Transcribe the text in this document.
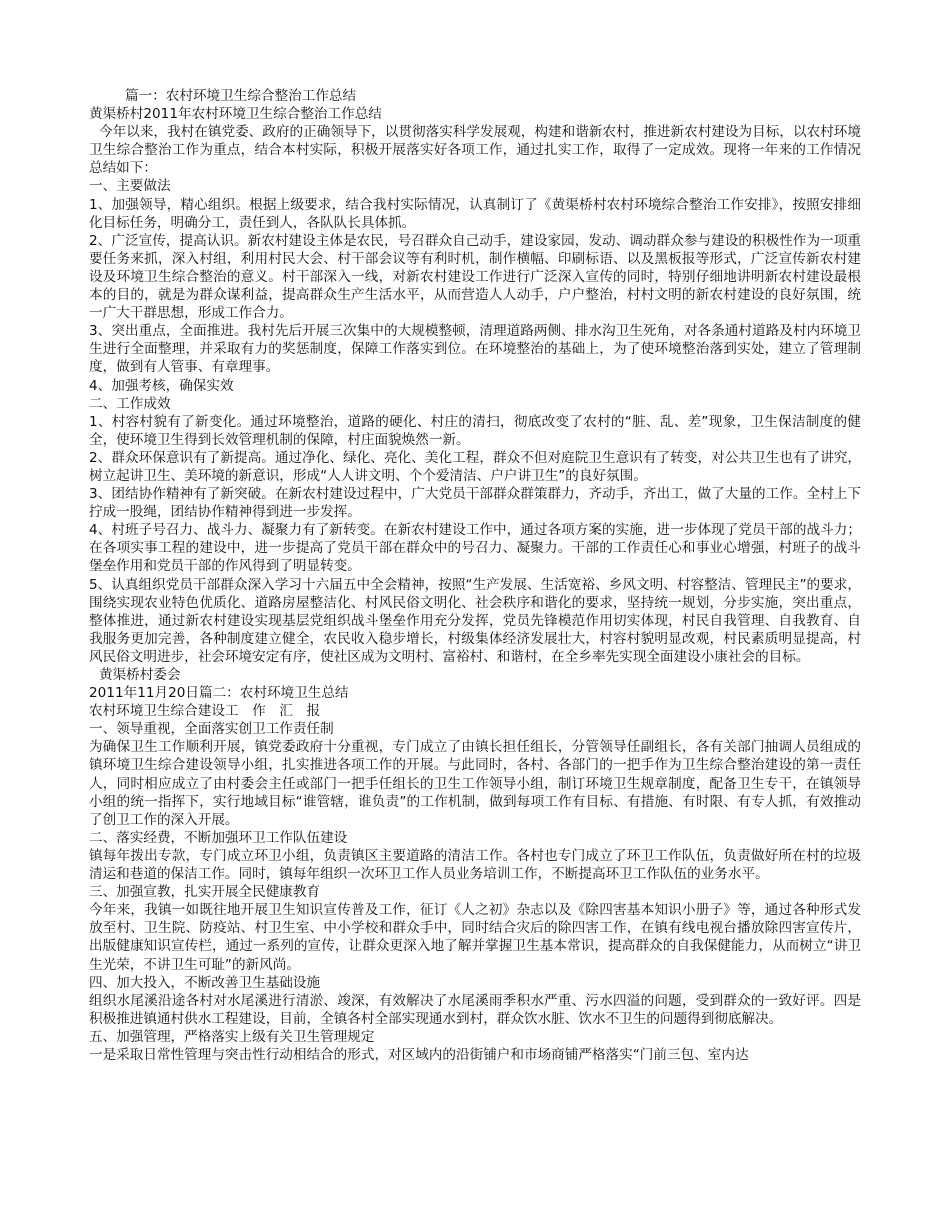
篇一：农村环境卫生综合整治工作总结

黄渠桥村2011年农村环境卫生综合整治工作总结

今年以来，我村在镇党委、政府的正确领导下，以贯彻落实科学发展观，构建和谐新农村，推进新农村建设为目标，以农村环境卫生综合整治工作为重点，结合本村实际，积极开展落实好各项工作，通过扎实工作，取得了一定成效。现将一年来的工作情况总结如下：

一、主要做法

1、加强领导，精心组织。根据上级要求，结合我村实际情况，认真制订了《黄渠桥村农村环境综合整治工作安排》，按照安排细化目标任务，明确分工，责任到人，各队队长具体抓。

2、广泛宣传，提高认识。新农村建设主体是农民，号召群众自己动手，建设家园，发动、调动群众参与建设的积极性作为一项重要任务来抓，深入村组，利用村民大会、村干部会议等有利时机，制作横幅、印刷标语、以及黑板报等形式，广泛宣传新农村建设及环境卫生综合整治的意义。村干部深入一线，对新农村建设工作进行广泛深入宣传的同时，特别仔细地讲明新农村建设最根本的目的，就是为群众谋利益，提高群众生产生活水平，从而营造人人动手，户户整治，村村文明的新农村建设的良好氛围，统一广大干群思想，形成工作合力。

3、突出重点，全面推进。我村先后开展三次集中的大规模整顿，清理道路两侧、排水沟卫生死角，对各条通村道路及村内环境卫生进行全面整理，并采取有力的奖惩制度，保障工作落实到位。在环境整治的基础上，为了使环境整治落到实处，建立了管理制度，做到有人管事、有章理事。

4、加强考核，确保实效

二、工作成效

1、村容村貌有了新变化。通过环境整治，道路的硬化、村庄的清扫，彻底改变了农村的“脏、乱、差”现象，卫生保洁制度的健全，使环境卫生得到长效管理机制的保障，村庄面貌焕然一新。

2、群众环保意识有了新提高。通过净化、绿化、亮化、美化工程，群众不但对庭院卫生意识有了转变，对公共卫生也有了讲究，树立起讲卫生、美环境的新意识，形成“人人讲文明、个个爱清洁、户户讲卫生”的良好氛围。

3、团结协作精神有了新突破。在新农村建设过程中，广大党员干部群众群策群力，齐动手，齐出工，做了大量的工作。全村上下拧成一股绳，团结协作精神得到进一步发挥。

4、村班子号召力、战斗力、凝聚力有了新转变。在新农村建设工作中，通过各项方案的实施，进一步体现了党员干部的战斗力；在各项实事工程的建设中，进一步提高了党员干部在群众中的号召力、凝聚力。干部的工作责任心和事业心增强，村班子的战斗堡垒作用和党员干部的作风得到了明显转变。

5、认真组织党员干部群众深入学习十六届五中全会精神，按照“生产发展、生活宽裕、乡风文明、村容整洁、管理民主”的要求，围绕实现农业特色优质化、道路房屋整洁化、村风民俗文明化、社会秩序和谐化的要求，坚持统一规划，分步实施，突出重点，整体推进，通过新农村建设实现基层党组织战斗堡垒作用充分发挥，党员先锋模范作用切实体现，村民自我管理、自我教育、自我服务更加完善，各种制度建立健全，农民收入稳步增长，村级集体经济发展壮大，村容村貌明显改观，村民素质明显提高，村风民俗文明进步，社会环境安定有序，使社区成为文明村、富裕村、和谐村，在全乡率先实现全面建设小康社会的目标。

黄渠桥村委会

2011年11月20日篇二：农村环境卫生总结

农村环境卫生综合建设工　作　汇　报

一、领导重视，全面落实创卫工作责任制

为确保卫生工作顺利开展，镇党委政府十分重视，专门成立了由镇长担任组长，分管领导任副组长，各有关部门抽调人员组成的镇环境卫生综合建设领导小组，扎实推进各项工作的开展。与此同时，各村、各部门的一把手作为卫生综合整治建设的第一责任人，同时相应成立了由村委会主任或部门一把手任组长的卫生工作领导小组，制订环境卫生规章制度，配备卫生专干，在镇领导小组的统一指挥下，实行地域目标“谁管辖，谁负责”的工作机制，做到每项工作有目标、有措施、有时限、有专人抓，有效推动了创卫工作的深入开展。

二、落实经费，不断加强环卫工作队伍建设

镇每年拨出专款，专门成立环卫小组，负责镇区主要道路的清洁工作。各村也专门成立了环卫工作队伍，负责做好所在村的垃圾清运和巷道的保洁工作。同时，镇每年组织一次环卫工作人员业务培训工作，不断提高环卫工作队伍的业务水平。

三、加强宣教，扎实开展全民健康教育

今年来，我镇一如既往地开展卫生知识宣传普及工作，征订《人之初》杂志以及《除四害基本知识小册子》等，通过各种形式发放至村、卫生院、防疫站、村卫生室、中小学校和群众手中，同时结合灾后的除四害工作，在镇有线电视台播放除四害宣传片，出版健康知识宣传栏，通过一系列的宣传，让群众更深入地了解并掌握卫生基本常识，提高群众的自我保健能力，从而树立“讲卫生光荣，不讲卫生可耻”的新风尚。

四、加大投入，不断改善卫生基础设施

组织水尾溪沿途各村对水尾溪进行清淤、竣深，有效解决了水尾溪雨季积水严重、污水四溢的问题，受到群众的一致好评。四是积极推进镇通村供水工程建设，目前，全镇各村全部实现通水到村，群众饮水脏、饮水不卫生的问题得到彻底解决。

五、加强管理，严格落实上级有关卫生管理规定

一是采取日常性管理与突击性行动相结合的形式，对区域内的沿街铺户和市场商铺严格落实“门前三包、室内达
